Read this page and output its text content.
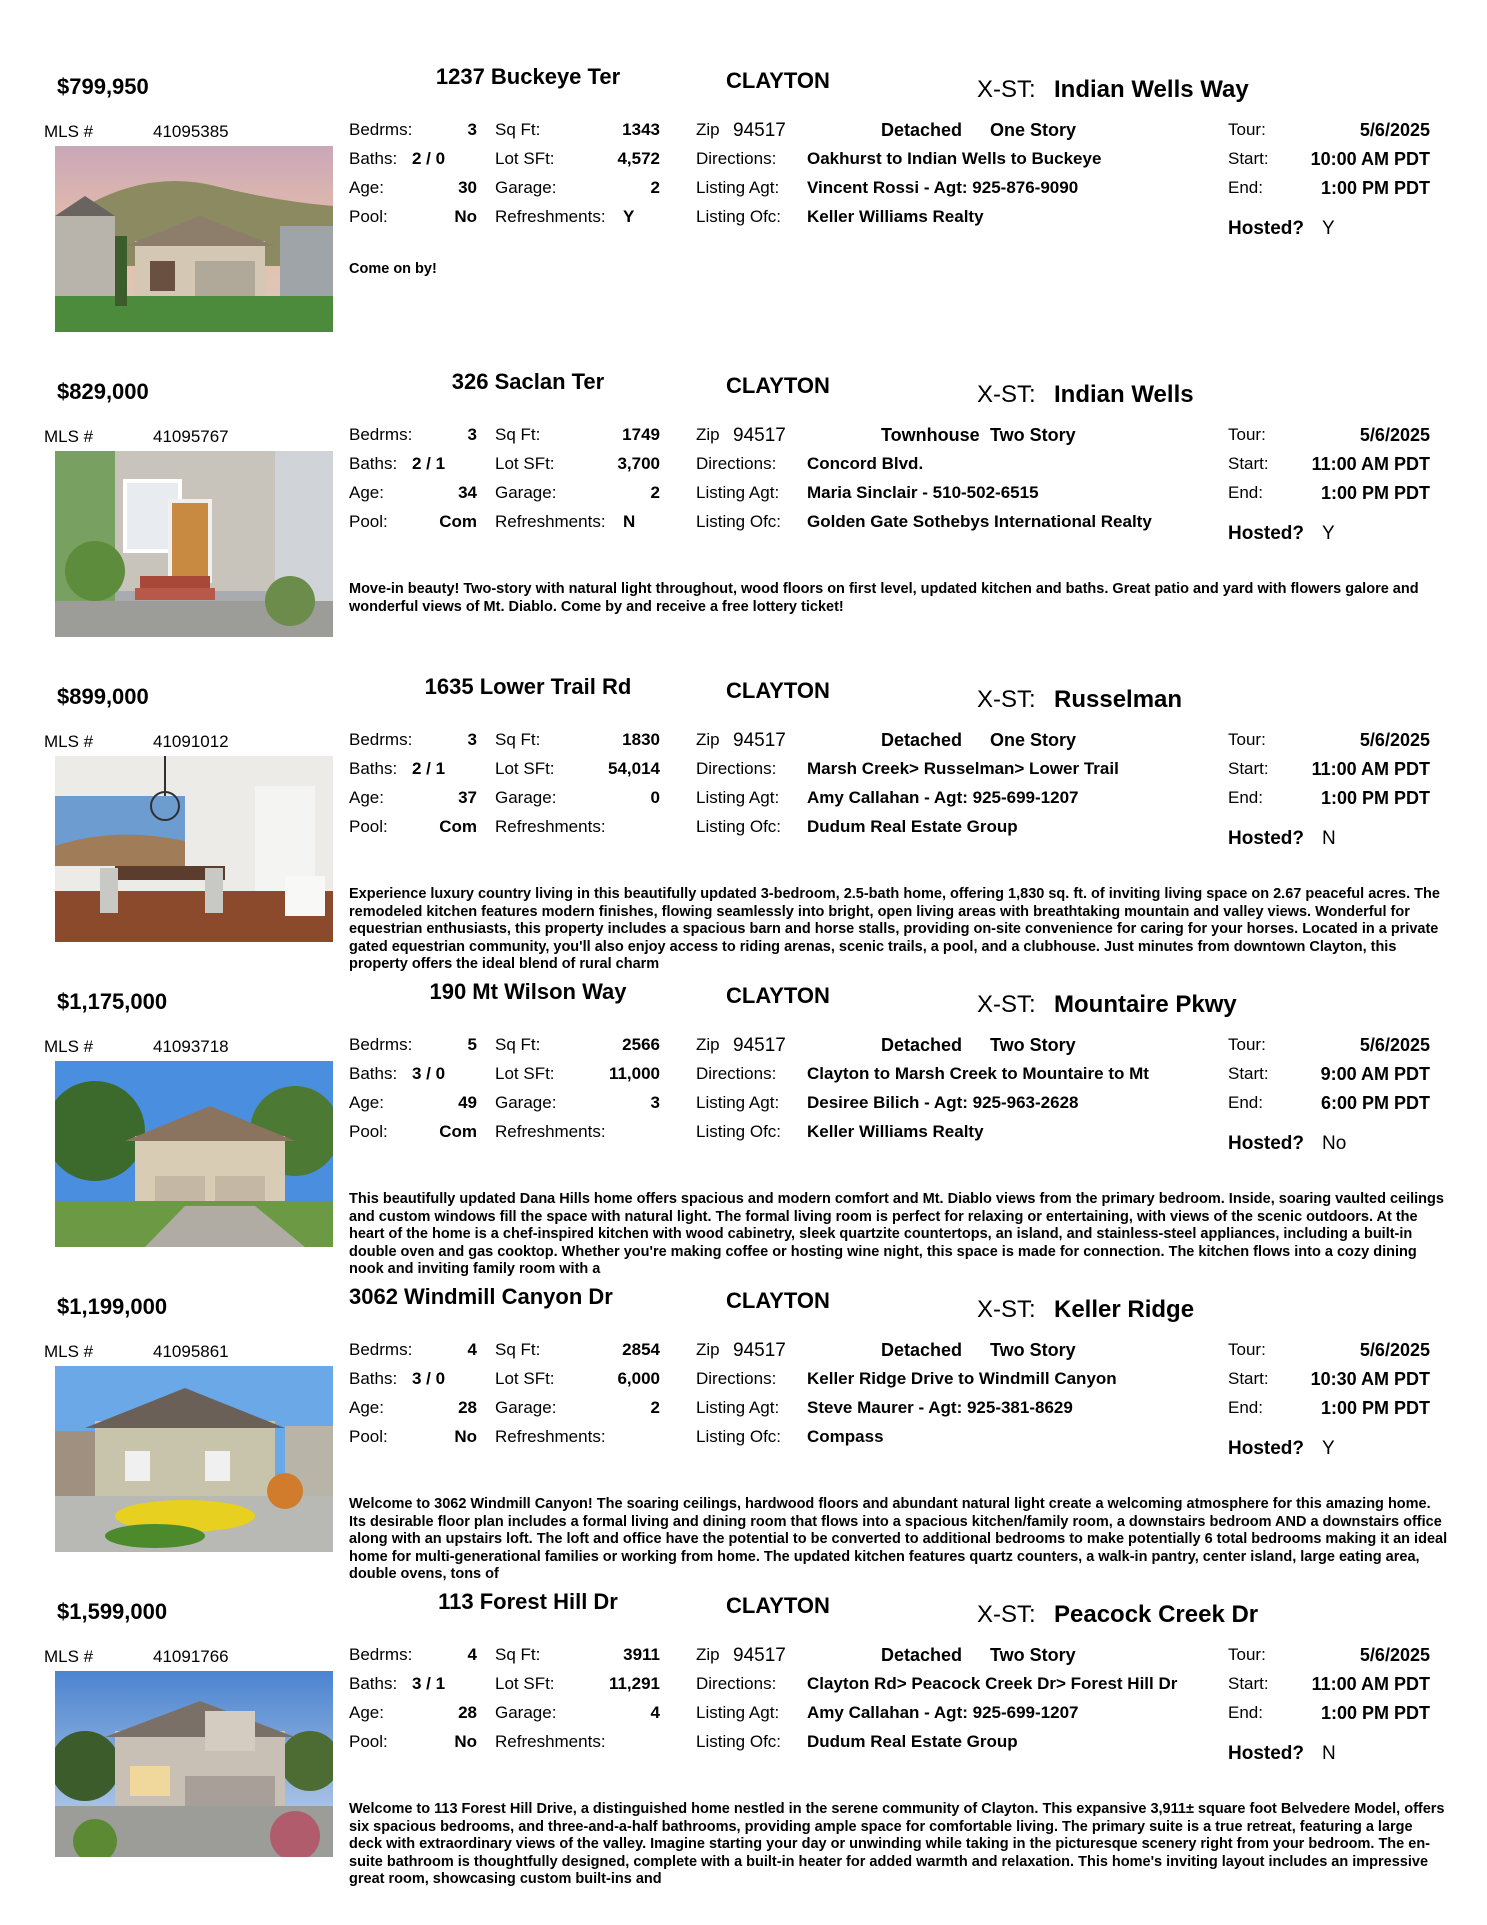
$799,950	1237 Buckeye Ter	CLAYTON	X-ST: Indian Wells Way
MLS #	41095385	Bedrms:	3
Baths: 2 / 0
Age:	30
Pool:	No
Sq Ft:	1343
Lot SFt:	4,572
Garage:	2
Refreshments: Y
Zip 94517	Detached One Story
Directions: Oakhurst to Indian Wells to Buckeye
Listing Agt: Vincent Rossi - Agt: 925-876-9090
Listing Ofc: Keller Williams Realty
Tour:	5/6/2025
Start:	10:00 AM PDT
End:	1:00 PM PDT
Hosted? Y
Come on by!
$829,000	326 Saclan Ter	CLAYTON	X-ST: Indian Wells
MLS #	41095767	Bedrms:	3
Baths: 2 / 1
Age:	34
Pool:	Com
Sq Ft:	1749
Lot SFt:	3,700
Garage:	2
Refreshments: N
Zip 94517	Townhouse Two Story
Directions: Concord Blvd.
Listing Agt: Maria Sinclair - 510-502-6515
Listing Ofc: Golden Gate Sothebys International Realty
Tour:	5/6/2025
Start:	11:00 AM PDT
End:	1:00 PM PDT
Hosted? Y
Move-in beauty! Two-story with natural light throughout, wood floors on first level, updated kitchen and baths. Great patio and yard with flowers galore and wonderful views of Mt. Diablo. Come by and receive a free lottery ticket!
$899,000	1635 Lower Trail Rd	CLAYTON	X-ST: Russelman
MLS #	41091012	Bedrms:	3
Baths: 2 / 1
Age:	37
Pool:	Com
Sq Ft:	1830
Lot SFt:	54,014
Garage:	0
Refreshments:
Zip 94517	Detached One Story
Directions: Marsh Creek> Russelman> Lower Trail
Listing Agt: Amy Callahan - Agt: 925-699-1207
Listing Ofc: Dudum Real Estate Group
Tour:	5/6/2025
Start:	11:00 AM PDT
End:	1:00 PM PDT
Hosted? N
Experience luxury country living in this beautifully updated 3-bedroom, 2.5-bath home, offering 1,830 sq. ft. of inviting living space on 2.67 peaceful acres. The remodeled kitchen features modern finishes, flowing seamlessly into bright, open living areas with breathtaking mountain and valley views. Wonderful for equestrian enthusiasts, this property includes a spacious barn and horse stalls, providing on-site convenience for caring for your horses. Located in a private gated equestrian community, you'll also enjoy access to riding arenas, scenic trails, a pool, and a clubhouse. Just minutes from downtown Clayton, this property offers the ideal blend of rural charm
$1,175,000	190 Mt Wilson Way	CLAYTON	X-ST: Mountaire Pkwy
MLS #	41093718	Bedrms:	5
Baths: 3 / 0
Age:	49
Pool:	Com
Sq Ft:	2566
Lot SFt:	11,000
Garage:	3
Refreshments:
Zip 94517	Detached Two Story
Directions: Clayton to Marsh Creek to Mountaire to Mt
Listing Agt: Desiree Bilich - Agt: 925-963-2628
Listing Ofc: Keller Williams Realty
Tour:	5/6/2025
Start:	9:00 AM PDT
End:	6:00 PM PDT
Hosted? No
This beautifully updated Dana Hills home offers spacious and modern comfort and Mt. Diablo views from the primary bedroom. Inside, soaring vaulted ceilings and custom windows fill the space with natural light. The formal living room is perfect for relaxing or entertaining, with views of the scenic outdoors. At the heart of the home is a chef-inspired kitchen with wood cabinetry, sleek quartzite countertops, an island, and stainless-steel appliances, including a built-in double oven and gas cooktop. Whether you're making coffee or hosting wine night, this space is made for connection. The kitchen flows into a cozy dining nook and inviting family room with a
$1,199,000	3062 Windmill Canyon Dr	CLAYTON	X-ST: Keller Ridge
MLS #	41095861	Bedrms:	4
Baths: 3 / 0
Age:	28
Pool:	No
Sq Ft:	2854
Lot SFt:	6,000
Garage:	2
Refreshments:
Zip 94517	Detached Two Story
Directions: Keller Ridge Drive to Windmill Canyon
Listing Agt: Steve Maurer - Agt: 925-381-8629
Listing Ofc: Compass
Tour:	5/6/2025
Start:	10:30 AM PDT
End:	1:00 PM PDT
Hosted? Y
Welcome to 3062 Windmill Canyon! The soaring ceilings, hardwood floors and abundant natural light create a welcoming atmosphere for this amazing home. Its desirable floor plan includes a formal living and dining room that flows into a spacious kitchen/family room, a downstairs bedroom AND a downstairs office along with an upstairs loft. The loft and office have the potential to be converted to additional bedrooms to make potentially 6 total bedrooms making it an ideal home for multi-generational families or working from home. The updated kitchen features quartz counters, a walk-in pantry, center island, large eating area, double ovens, tons of
$1,599,000	113 Forest Hill Dr	CLAYTON	X-ST: Peacock Creek Dr
MLS #	41091766	Bedrms:	4
Baths: 3 / 1
Age:	28
Pool:	No
Sq Ft:	3911
Lot SFt:	11,291
Garage:	4
Refreshments:
Zip 94517	Detached Two Story
Directions: Clayton Rd> Peacock Creek Dr> Forest Hill Dr
Listing Agt: Amy Callahan - Agt: 925-699-1207
Listing Ofc: Dudum Real Estate Group
Tour:	5/6/2025
Start:	11:00 AM PDT
End:	1:00 PM PDT
Hosted? N
Welcome to 113 Forest Hill Drive, a distinguished home nestled in the serene community of Clayton. This expansive 3,911± square foot Belvedere Model, offers six spacious bedrooms, and three-and-a-half bathrooms, providing ample space for comfortable living. The primary suite is a true retreat, featuring a large deck with extraordinary views of the valley. Imagine starting your day or unwinding while taking in the picturesque scenery right from your bedroom. The en-suite bathroom is thoughtfully designed, complete with a built-in heater for added warmth and relaxation. This home's inviting layout includes an impressive great room, showcasing custom built-ins and
